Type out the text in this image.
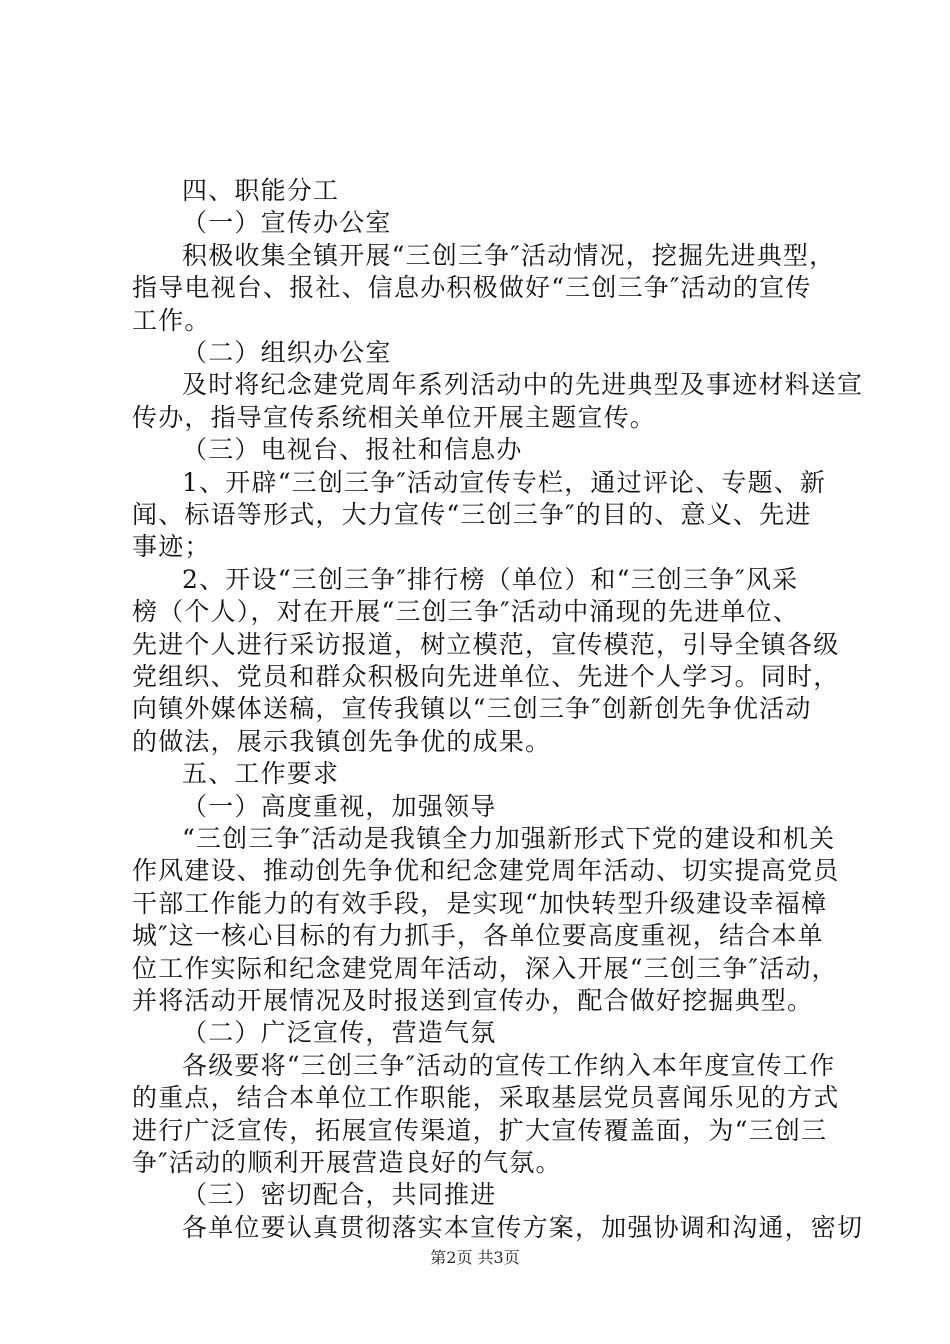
四、职能分工
（一）宣传办公室
积极收集全镇开展“三创三争″活动情况，挖掘先进典型，
指导电视台、报社、信息办积极做好“三创三争″活动的宣传
工作。
（二）组织办公室
及时将纪念建党周年系列活动中的先进典型及事迹材料送宣
传办，指导宣传系统相关单位开展主题宣传。
（三）电视台、报社和信息办
1、开辟“三创三争″活动宣传专栏，通过评论、专题、新
闻、标语等形式，大力宣传“三创三争″的目的、意义、先进
事迹；
2、开设“三创三争″排行榜（单位）和“三创三争″风采
榜（个人），对在开展“三创三争″活动中涌现的先进单位、
先进个人进行采访报道，树立模范，宣传模范，引导全镇各级
党组织、党员和群众积极向先进单位、先进个人学习。同时，
向镇外媒体送稿，宣传我镇以“三创三争″创新创先争优活动
的做法，展示我镇创先争优的成果。
五、工作要求
（一）高度重视，加强领导
“三创三争″活动是我镇全力加强新形式下党的建设和机关
作风建设、推动创先争优和纪念建党周年活动、切实提高党员
干部工作能力的有效手段，是实现“加快转型升级建设幸福樟
城″这一核心目标的有力抓手，各单位要高度重视，结合本单
位工作实际和纪念建党周年活动，深入开展“三创三争″活动，
并将活动开展情况及时报送到宣传办，配合做好挖掘典型。
（二）广泛宣传，营造气氛
各级要将“三创三争″活动的宣传工作纳入本年度宣传工作
的重点，结合本单位工作职能，采取基层党员喜闻乐见的方式
进行广泛宣传，拓展宣传渠道，扩大宣传覆盖面，为“三创三
争″活动的顺利开展营造良好的气氛。
（三）密切配合，共同推进
各单位要认真贯彻落实本宣传方案，加强协调和沟通，密切
第2页 共3页
